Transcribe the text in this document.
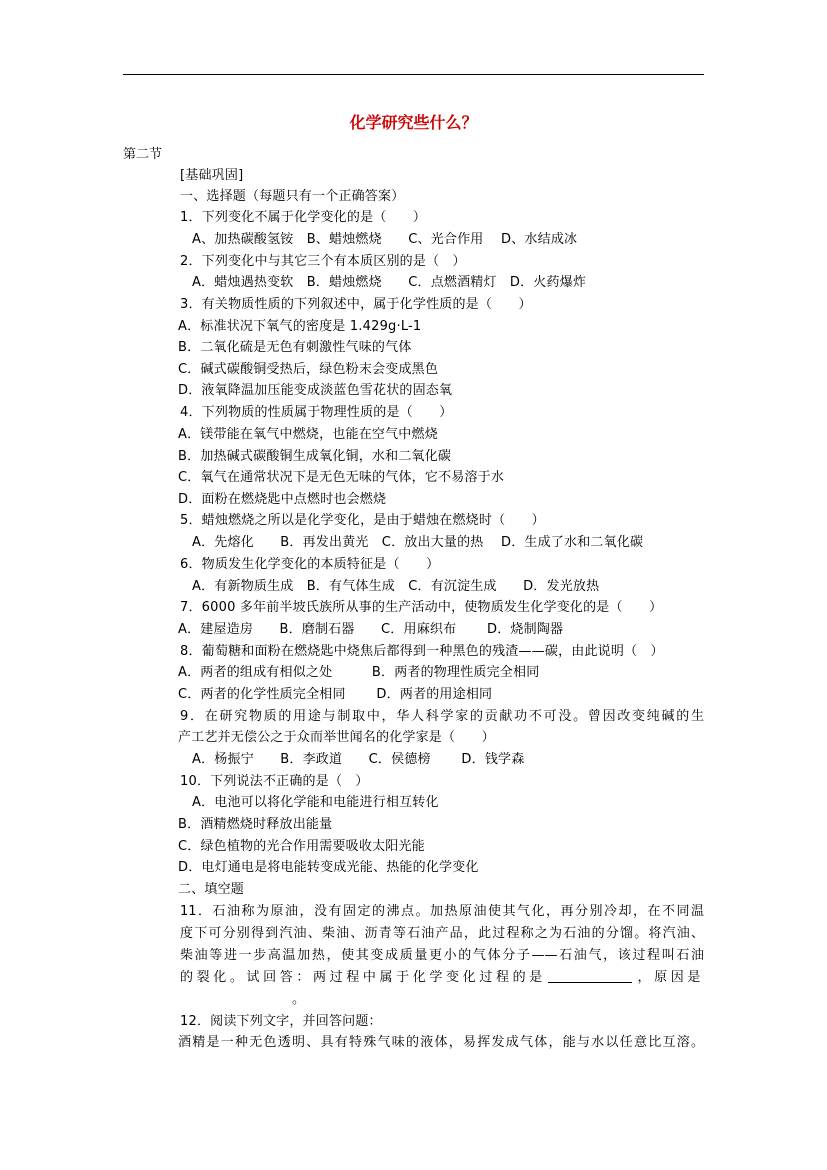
化学研究些什么？
第二节
[基础巩固]
一、选择题（每题只有一个正确答案）
1．下列变化不属于化学变化的是（　　）
A、加热碳酸氢铵　B、蜡烛燃烧　　C、光合作用　 D、水结成冰
2．下列变化中与其它三个有本质区别的是（　）
A．蜡烛遇热变软　B．蜡烛燃烧　　C．点燃酒精灯　D．火药爆炸
3．有关物质性质的下列叙述中，属于化学性质的是（　　）
A．标准状况下氧气的密度是 1.429g·L-1
B．二氧化硫是无色有刺激性气味的气体
C．碱式碳酸铜受热后，绿色粉末会变成黑色
D．液氧降温加压能变成淡蓝色雪花状的固态氧
4．下列物质的性质属于物理性质的是（　　）
A．镁带能在氧气中燃烧，也能在空气中燃烧
B．加热碱式碳酸铜生成氧化铜，水和二氧化碳
C．氧气在通常状况下是无色无味的气体，它不易溶于水
D．面粉在燃烧匙中点燃时也会燃烧
5．蜡烛燃烧之所以是化学变化，是由于蜡烛在燃烧时（　　）
A．先熔化　　B．再发出黄光　C．放出大量的热　 D．生成了水和二氧化碳
6．物质发生化学变化的本质特征是（　　）
A．有新物质生成　B．有气体生成　C．有沉淀生成　　D．发光放热
7．6000 多年前半坡氏族所从事的生产活动中，使物质发生化学变化的是（　　）
A．建屋造房　　B．磨制石器　　C．用麻织布　　 D．烧制陶器
8．葡萄糖和面粉在燃烧匙中烧焦后都得到一种黑色的残渣——碳，由此说明（　）
A．两者的组成有相似之处　　　B．两者的物理性质完全相同
C．两者的化学性质完全相同　　 D．两者的用途相同
9．在研究物质的用途与制取中，华人科学家的贡献功不可没。曾因改变纯碱的生
产工艺并无偿公之于众而举世闻名的化学家是（　　）
A．杨振宁　　B．李政道　　C．侯德榜　　 D．钱学森
10．下列说法不正确的是（　）
A．电池可以将化学能和电能进行相互转化
B．酒精燃烧时释放出能量
C．绿色植物的光合作用需要吸收太阳光能
D．电灯通电是将电能转变成光能、热能的化学变化
二、填空题
11．石油称为原油，没有固定的沸点。加热原油使其气化，再分别冷却，在不同温
度下可分别得到汽油、柴油、沥青等石油产品，此过程称之为石油的分馏。将汽油、
柴油等进一步高温加热，使其变成质量更小的气体分子——石油气，该过程叫石油
的裂化。试回答：两过程中属于化学变化过程的是	，原因是
。
12．阅读下列文字，并回答问题：
酒精是一种无色透明、具有特殊气味的液体，易挥发成气体，能与水以任意比互溶。
